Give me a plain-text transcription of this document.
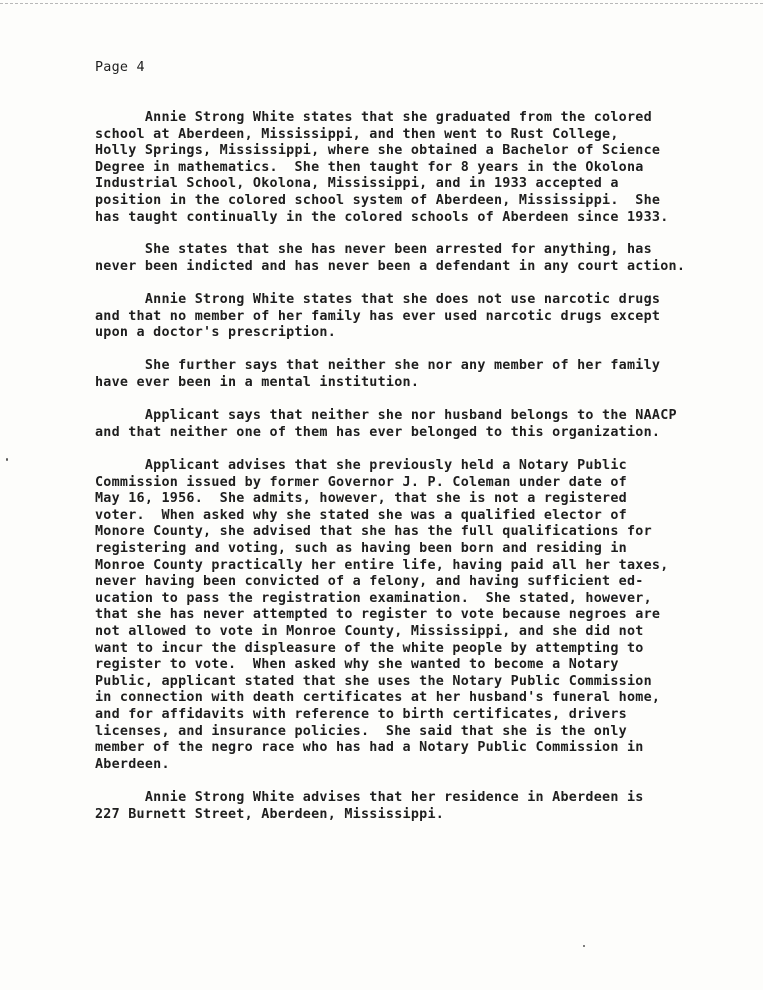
Page 4
Annie Strong White states that she graduated from the colored
school at Aberdeen, Mississippi, and then went to Rust College,
Holly Springs, Mississippi, where she obtained a Bachelor of Science
Degree in mathematics.  She then taught for 8 years in the Okolona
Industrial School, Okolona, Mississippi, and in 1933 accepted a
position in the colored school system of Aberdeen, Mississippi.  She
has taught continually in the colored schools of Aberdeen since 1933.
She states that she has never been arrested for anything, has
never been indicted and has never been a defendant in any court action.
Annie Strong White states that she does not use narcotic drugs
and that no member of her family has ever used narcotic drugs except
upon a doctor's prescription.
She further says that neither she nor any member of her family
have ever been in a mental institution.
Applicant says that neither she nor husband belongs to the NAACP
and that neither one of them has ever belonged to this organization.
Applicant advises that she previously held a Notary Public
Commission issued by former Governor J. P. Coleman under date of
May 16, 1956.  She admits, however, that she is not a registered
voter.  When asked why she stated she was a qualified elector of
Monore County, she advised that she has the full qualifications for
registering and voting, such as having been born and residing in
Monroe County practically her entire life, having paid all her taxes,
never having been convicted of a felony, and having sufficient ed-
ucation to pass the registration examination.  She stated, however,
that she has never attempted to register to vote because negroes are
not allowed to vote in Monroe County, Mississippi, and she did not
want to incur the displeasure of the white people by attempting to
register to vote.  When asked why she wanted to become a Notary
Public, applicant stated that she uses the Notary Public Commission
in connection with death certificates at her husband's funeral home,
and for affidavits with reference to birth certificates, drivers
licenses, and insurance policies.  She said that she is the only
member of the negro race who has had a Notary Public Commission in
Aberdeen.
Annie Strong White advises that her residence in Aberdeen is
227 Burnett Street, Aberdeen, Mississippi.
